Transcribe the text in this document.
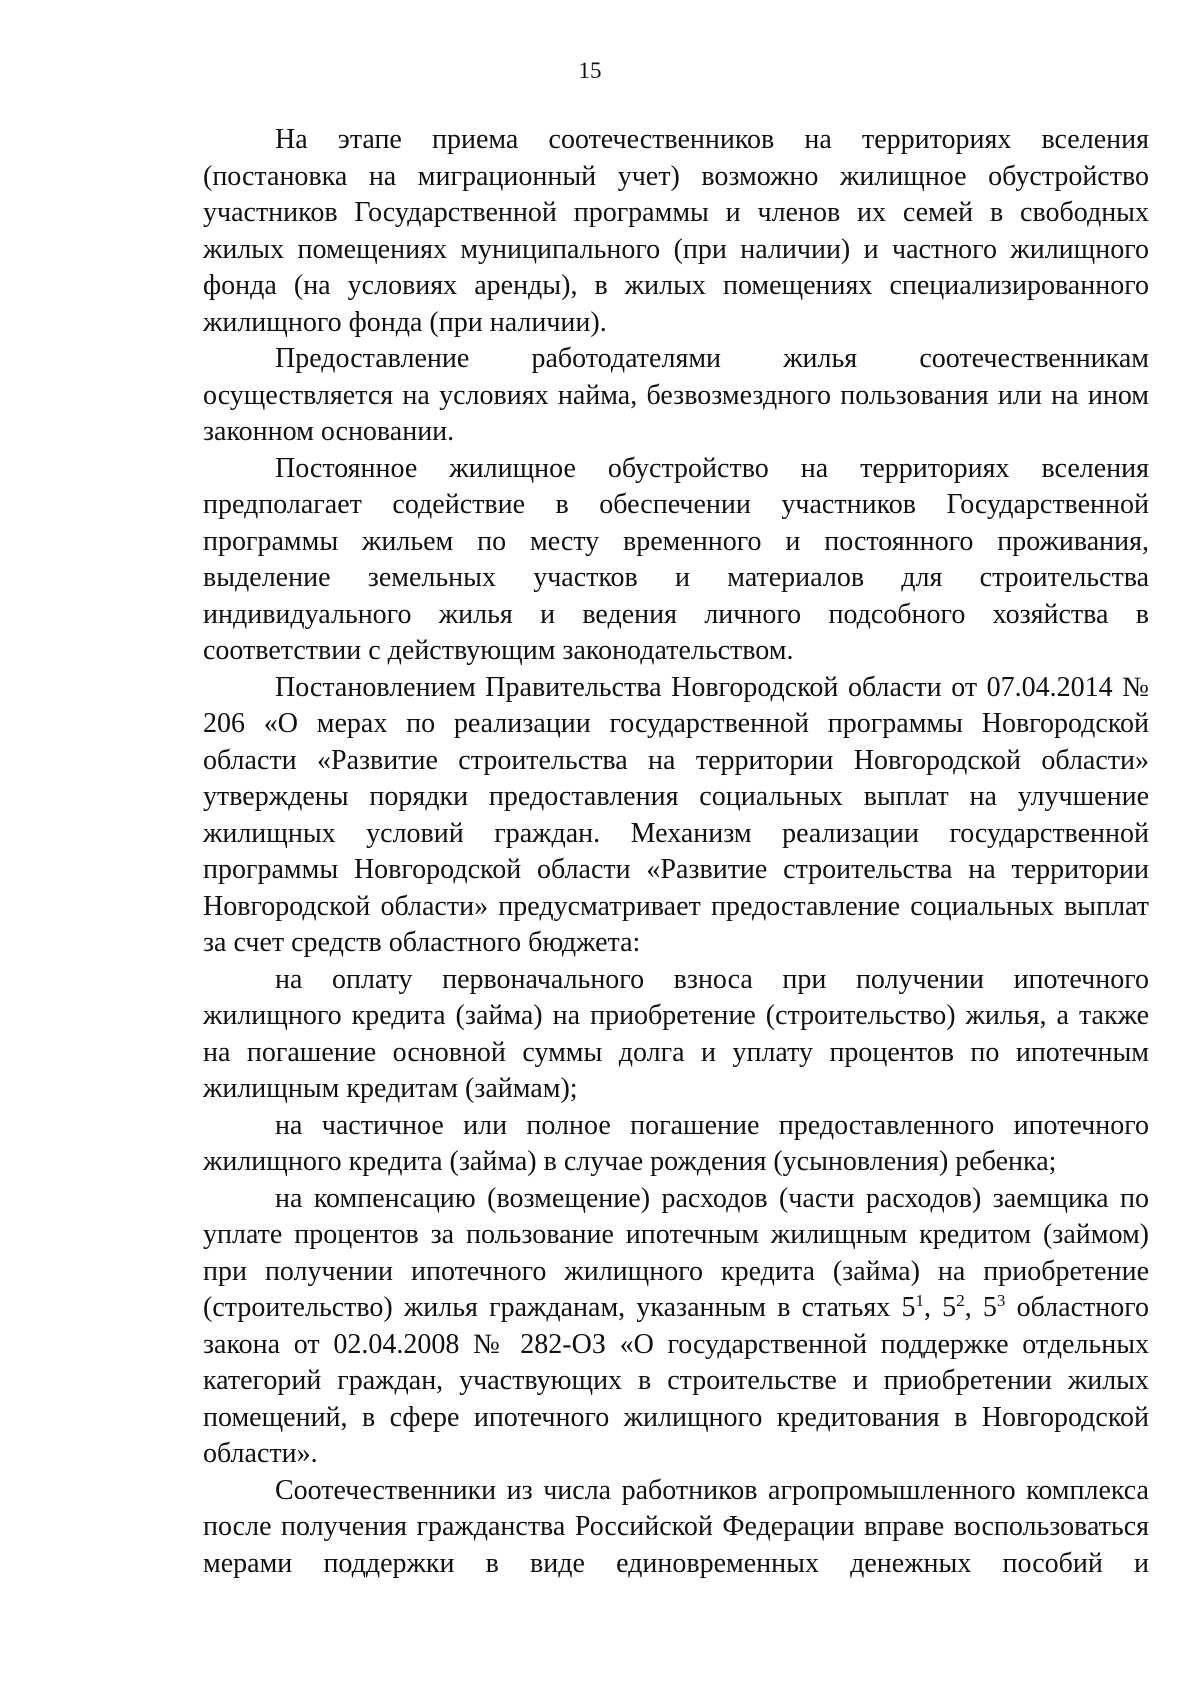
15

На этапе приема соотечественников на территориях вселения (постановка на миграционный учет) возможно жилищное обустройство участников Государственной программы и членов их семей в свободных жилых помещениях муниципального (при наличии) и частного жилищного фонда (на условиях аренды), в жилых помещениях специализированного жилищного фонда (при наличии).

Предоставление работодателями жилья соотечественникам осуществляется на условиях найма, безвозмездного пользования или на ином законном основании.

Постоянное жилищное обустройство на территориях вселения предполагает содействие в обеспечении участников Государственной программы жильем по месту временного и постоянного проживания, выделение земельных участков и материалов для строительства индивидуального жилья и ведения личного подсобного хозяйства в соответствии с действующим законодательством.

Постановлением Правительства Новгородской области от 07.04.2014 № 206 «О мерах по реализации государственной программы Новгородской области «Развитие строительства на территории Новгородской области» утверждены порядки предоставления социальных выплат на улучшение жилищных условий граждан. Механизм реализации государственной программы Новгородской области «Развитие строительства на территории Новгородской области» предусматривает предоставление социальных выплат за счет средств областного бюджета:

на оплату первоначального взноса при получении ипотечного жилищного кредита (займа) на приобретение (строительство) жилья, а также на погашение основной суммы долга и уплату процентов по ипотечным жилищным кредитам (займам);

на частичное или полное погашение предоставленного ипотечного жилищного кредита (займа) в случае рождения (усыновления) ребенка;

на компенсацию (возмещение) расходов (части расходов) заемщика по уплате процентов за пользование ипотечным жилищным кредитом (займом) при получении ипотечного жилищного кредита (займа) на приобретение (строительство) жилья гражданам, указанным в статьях $5^1$, $5^2$, $5^3$ областного закона от 02.04.2008 № 282-ОЗ «О государственной поддержке отдельных категорий граждан, участвующих в строительстве и приобретении жилых помещений, в сфере ипотечного жилищного кредитования в Новгородской области».

Соотечественники из числа работников агропромышленного комплекса после получения гражданства Российской Федерации вправе воспользоваться мерами поддержки в виде единовременных денежных пособий и
